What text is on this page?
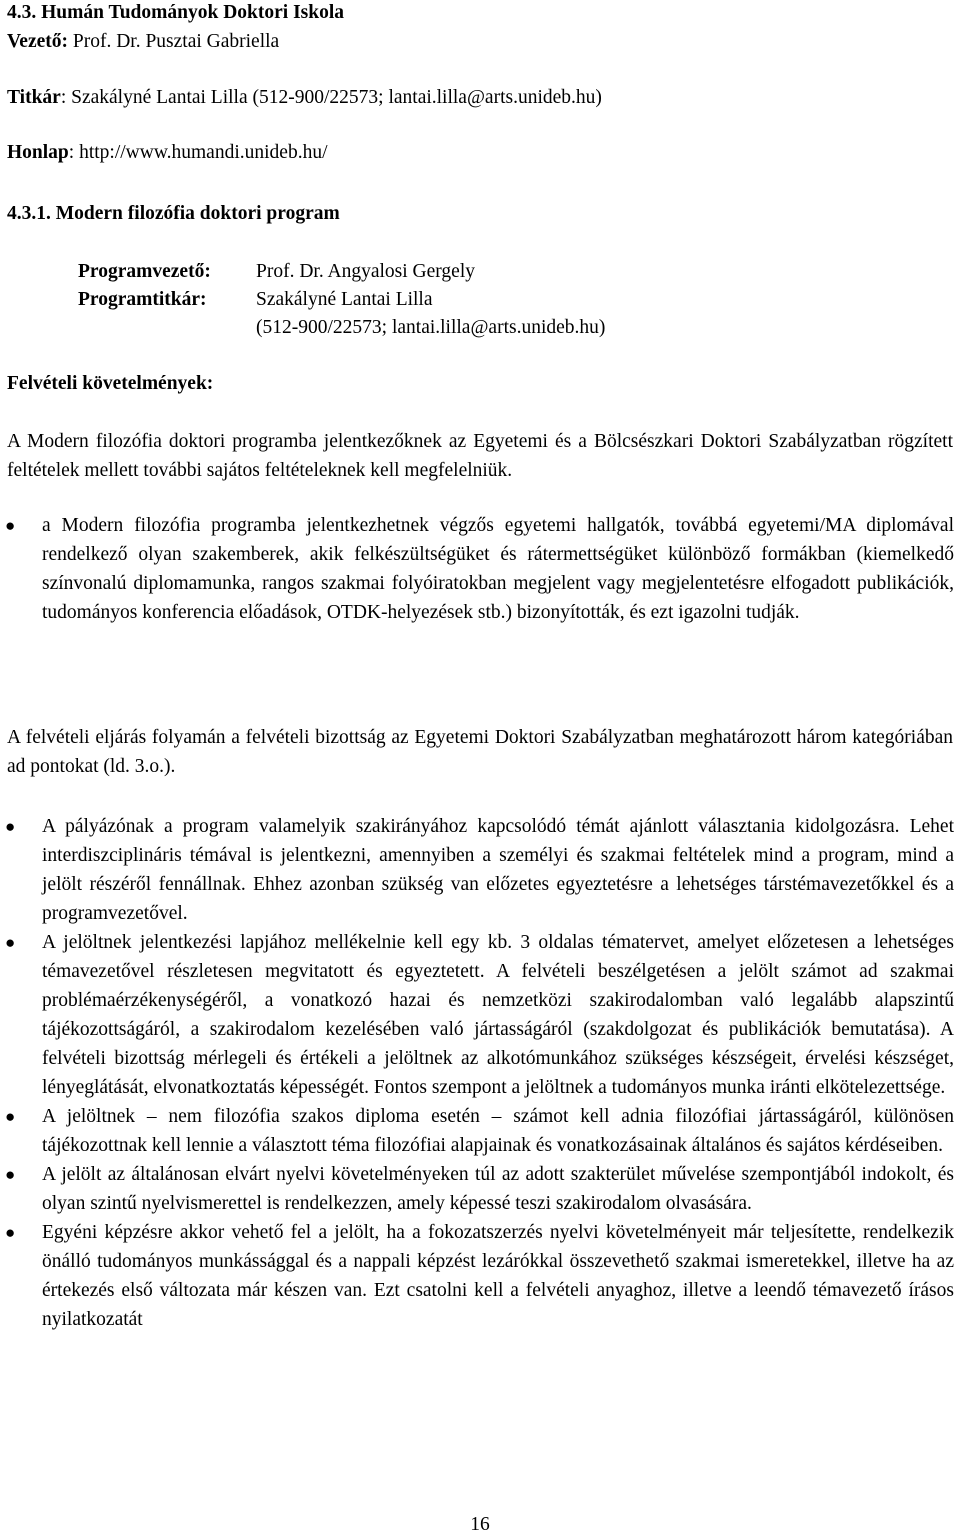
4.3. Humán Tudományok Doktori Iskola
Vezető: Prof. Dr. Pusztai Gabriella
Titkár: Szakályné Lantai Lilla (512-900/22573; lantai.lilla@arts.unideb.hu)
Honlap: http://www.humandi.unideb.hu/
4.3.1. Modern filozófia doktori program
Programvezető: Prof. Dr. Angyalosi Gergely
Programtitkár:	Szakályné Lantai Lilla
(512-900/22573; lantai.lilla@arts.unideb.hu)
Felvételi követelmények:
A Modern filozófia doktori programba jelentkezőknek az Egyetemi és a Bölcsészkari Doktori Szabályzatban rögzített feltételek mellett további sajátos feltételeknek kell megfelelniük.
● a Modern filozófia programba jelentkezhetnek végzős egyetemi hallgatók, továbbá egyetemi/MA diplomával rendelkező olyan szakemberek, akik felkészültségüket és rátermettségüket különböző formákban (kiemelkedő színvonalú diplomamunka, rangos szakmai folyóiratokban megjelent vagy megjelentetésre elfogadott publikációk, tudományos konferencia előadások, OTDK-helyezések stb.) bizonyították, és ezt igazolni tudják.
A felvételi eljárás folyamán a felvételi bizottság az Egyetemi Doktori Szabályzatban meghatározott három kategóriában ad pontokat (ld. 3.o.).
● A pályázónak a program valamelyik szakirányához kapcsolódó témát ajánlott választania kidolgozásra. Lehet interdiszciplináris témával is jelentkezni, amennyiben a személyi és szakmai feltételek mind a program, mind a jelölt részéről fennállnak. Ehhez azonban szükség van előzetes egyeztetésre a lehetséges társtémavezetőkkel és a programvezetővel.
● A jelöltnek jelentkezési lapjához mellékelnie kell egy kb. 3 oldalas tématervet, amelyet előzetesen a lehetséges témavezetővel részletesen megvitatott és egyeztetett. A felvételi beszélgetésen a jelölt számot ad szakmai problémaérzékenységéről, a vonatkozó hazai és nemzetközi szakirodalomban való legalább alapszintű tájékozottságáról, a szakirodalom kezelésében való jártasságáról (szakdolgozat és publikációk bemutatása). A felvételi bizottság mérlegeli és értékeli a jelöltnek az alkotómunkához szükséges készségeit, érvelési készséget, lényeglátását, elvonatkoztatás képességét. Fontos szempont a jelöltnek a tudományos munka iránti elkötelezettsége.
● A jelöltnek – nem filozófia szakos diploma esetén – számot kell adnia filozófiai jártasságáról, különösen tájékozottnak kell lennie a választott téma filozófiai alapjainak és vonatkozásainak általános és sajátos kérdéseiben.
● A jelölt az általánosan elvárt nyelvi követelményeken túl az adott szakterület művelése szempontjából indokolt, és olyan szintű nyelvismerettel is rendelkezzen, amely képessé teszi szakirodalom olvasására.
● Egyéni képzésre akkor vehető fel a jelölt, ha a fokozatszerzés nyelvi követelményeit már teljesítette, rendelkezik önálló tudományos munkássággal és a nappali képzést lezárókkal összevethető szakmai ismeretekkel, illetve ha az értekezés első változata már készen van. Ezt csatolni kell a felvételi anyaghoz, illetve a leendő témavezető írásos nyilatkozatát
16
